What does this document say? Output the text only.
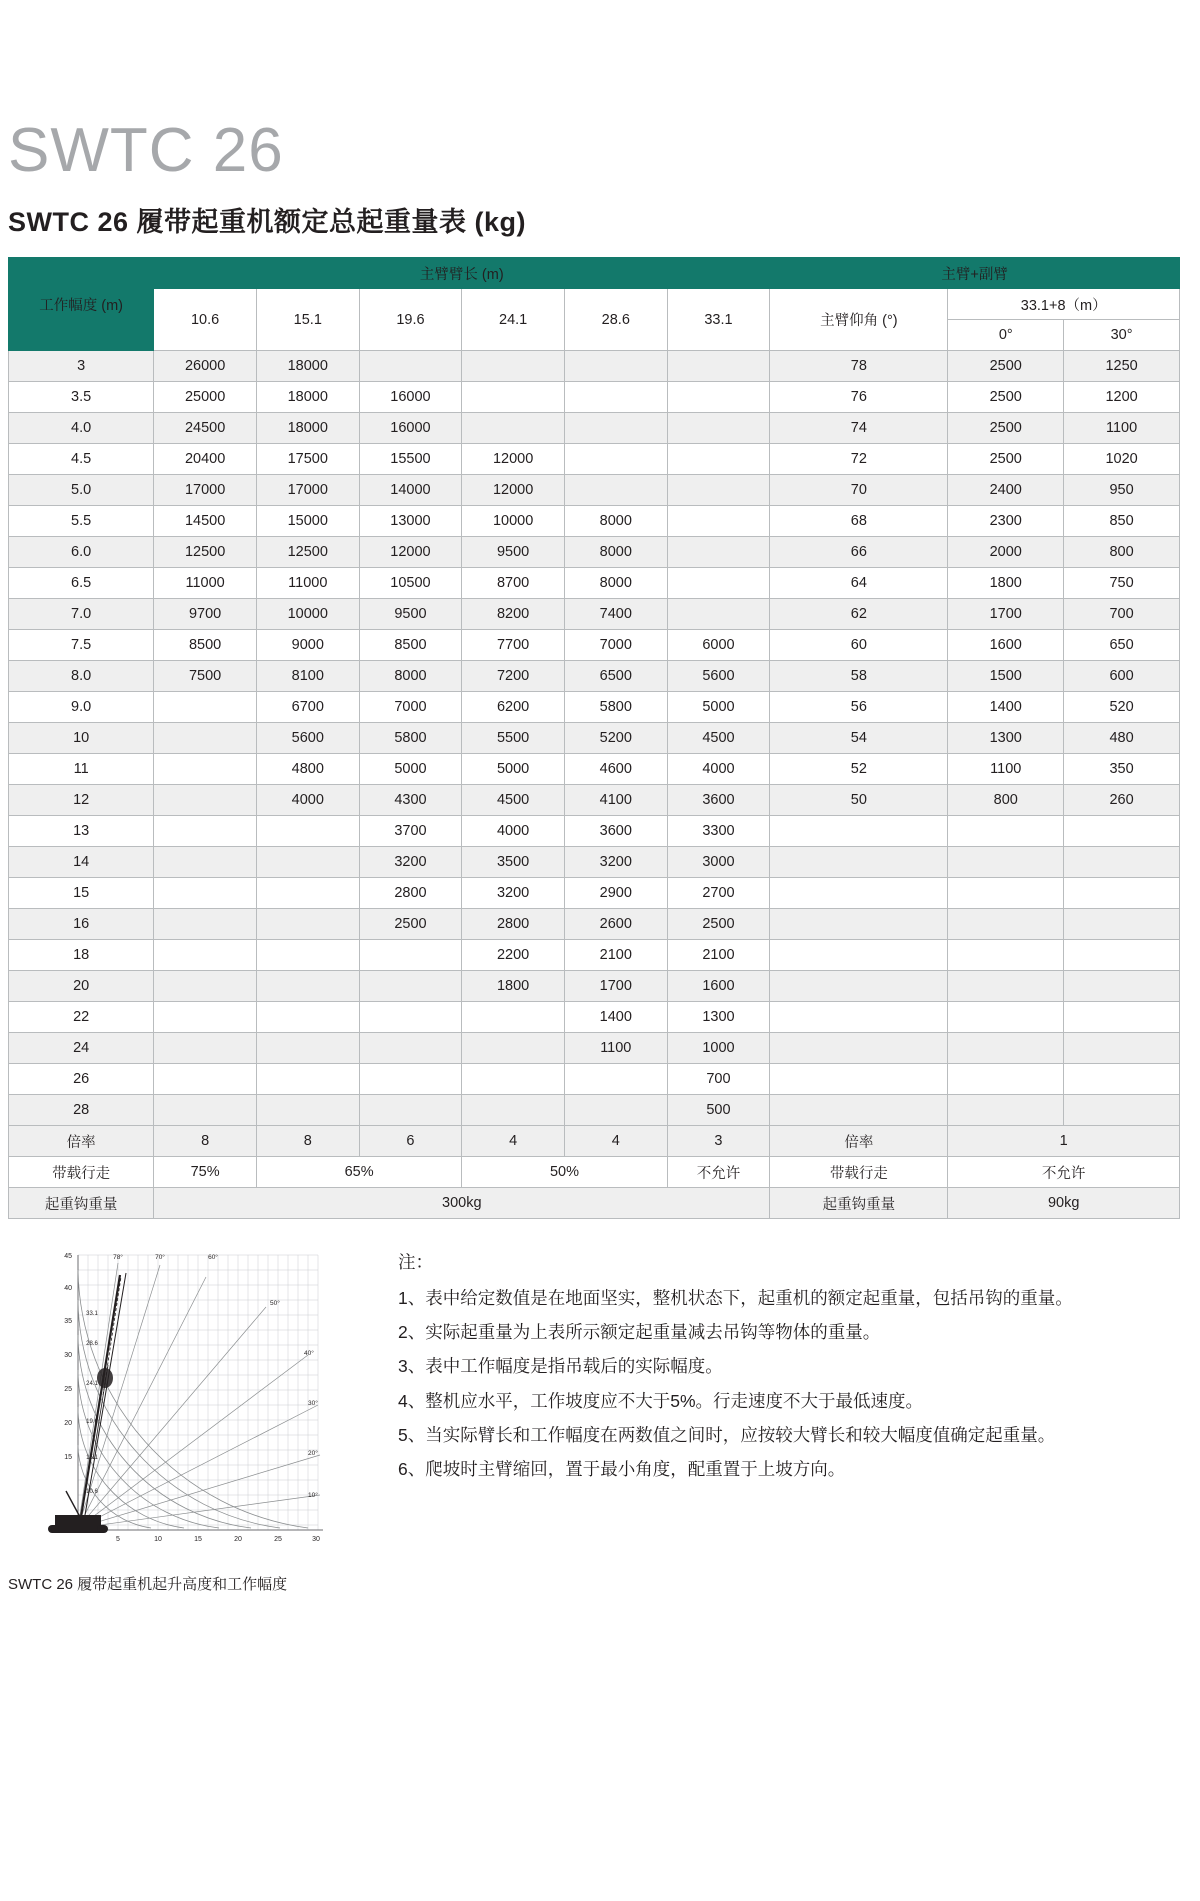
SWTC 26
SWTC 26 履带起重机额定总起重量表 (kg)
工作幅度 (m)	主臂臂长 (m)						主臂+副臂		
	10.6	15.1	19.6	24.1	28.6	33.1	主臂仰角 (°)	33.1+8（m）	
								0°	30°
3	26000	18000					78	2500	1250
3.5	25000	18000	16000				76	2500	1200
4.0	24500	18000	16000				74	2500	1100
4.5	20400	17500	15500	12000			72	2500	1020
5.0	17000	17000	14000	12000			70	2400	950
5.5	14500	15000	13000	10000	8000		68	2300	850
6.0	12500	12500	12000	9500	8000		66	2000	800
6.5	11000	11000	10500	8700	8000		64	1800	750
7.0	9700	10000	9500	8200	7400		62	1700	700
7.5	8500	9000	8500	7700	7000	6000	60	1600	650
8.0	7500	8100	8000	7200	6500	5600	58	1500	600
9.0		6700	7000	6200	5800	5000	56	1400	520
10		5600	5800	5500	5200	4500	54	1300	480
11		4800	5000	5000	4600	4000	52	1100	350
12		4000	4300	4500	4100	3600	50	800	260
13			3700	4000	3600	3300			
14			3200	3500	3200	3000			
15			2800	3200	2900	2700			
16			2500	2800	2600	2500			
18				2200	2100	2100			
20				1800	1700	1600			
22					1400	1300			
24					1100	1000			
26						700			
28						500			
倍率	8	8	6	4	4	3	倍率	1	
带载行走	75%	65%		50%		不允许	带载行走	不允许	
起重钩重量	300kg						起重钩重量	90kg	
45
40
35
30
25
20
15
5	10	15	20	25	30
78°	70°	60°
50°
40°
30°
20°
10°
33.1
28.6
24.1
19.6
15.1
10.6
SWTC 26 履带起重机起升高度和工作幅度
注：
1、表中给定数值是在地面坚实，整机状态下，起重机的额定起重量，包括吊钩的重量。
2、实际起重量为上表所示额定起重量减去吊钩等物体的重量。
3、表中工作幅度是指吊载后的实际幅度。
4、整机应水平，工作坡度应不大于5%。行走速度不大于最低速度。
5、当实际臂长和工作幅度在两数值之间时，应按较大臂长和较大幅度值确定起重量。
6、爬坡时主臂缩回，置于最小角度，配重置于上坡方向。
